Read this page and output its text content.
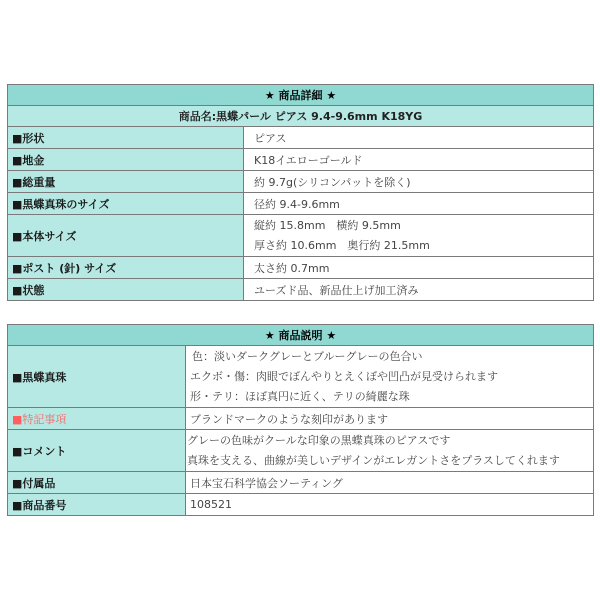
★ 商品詳細 ★	
商品名:黒蝶パール ピアス 9.4-9.6mm K18YG	
■形状	ピアス
■地金	K18イエローゴールド
■総重量	約 9.7g(シリコンパットを除く)
■黒蝶真珠のサイズ	径約 9.4-9.6mm
■本体サイズ	縦約 15.8mm　横約 9.5mm
厚さ約 10.6mm　奥行約 21.5mm

■ポスト (針) サイズ	太さ約 0.7mm
■状態	ユーズド品、新品仕上げ加工済み
★ 商品説明 ★	
■黒蝶真珠	色：淡いダークグレーとブルーグレーの色合い
エクボ・傷：肉眼でぼんやりとえくぼや凹凸が見受けられます
形・テリ：ほぼ真円に近く、テリの綺麗な珠

■特記事項	ブランドマークのような刻印があります
■コメント	グレーの色味がクールな印象の黒蝶真珠のピアスです
真珠を支える、曲線が美しいデザインがエレガントさをプラスしてくれます

■付属品	日本宝石科学協会ソーティング
■商品番号	108521
